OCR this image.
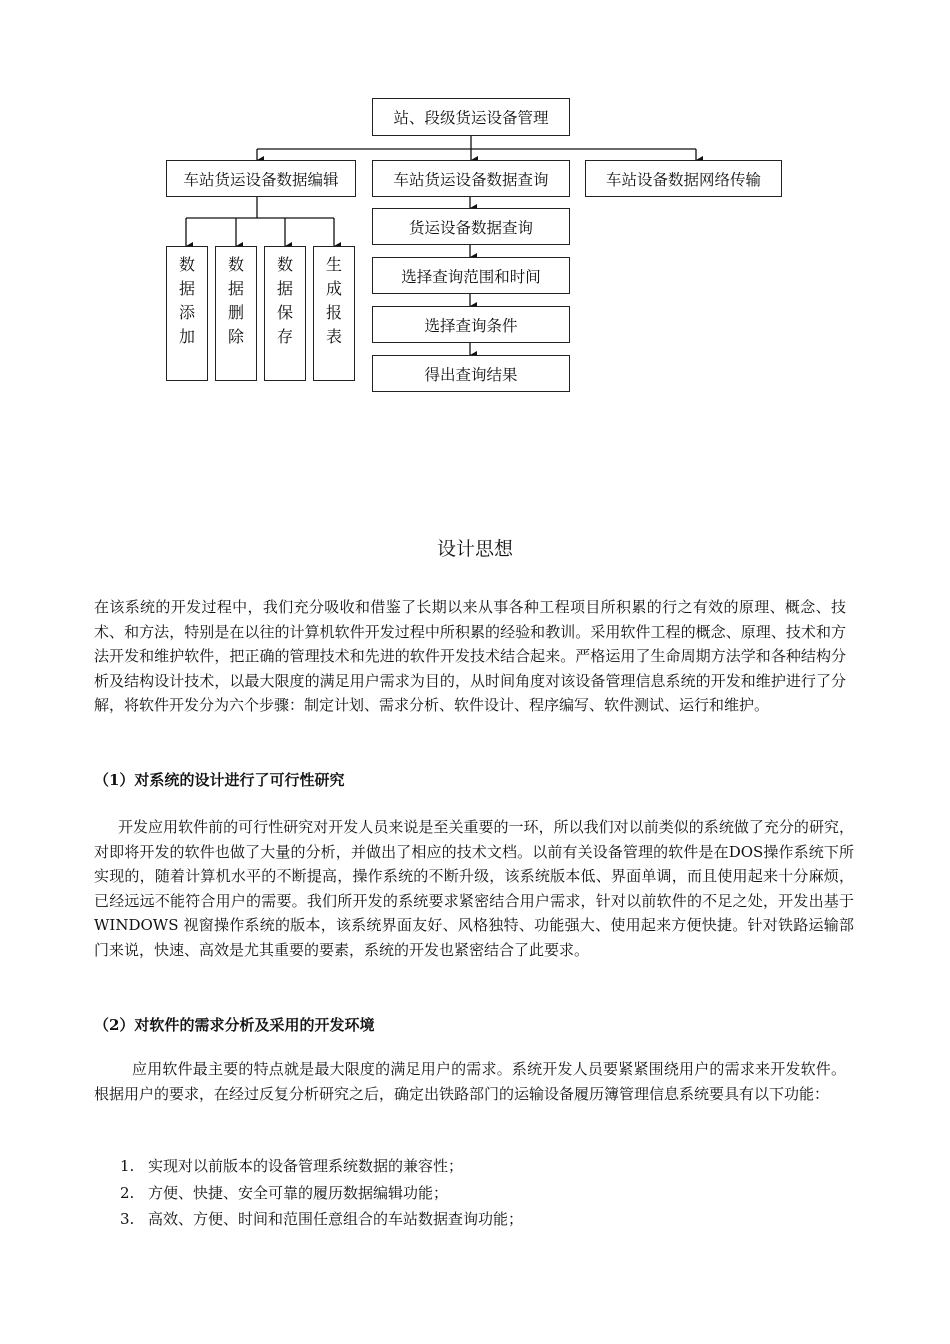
站、段级货运设备管理
车站货运设备数据编辑	车站货运设备数据查询	车站设备数据网络传输
数
据
添
加
数
据
删
除
数
据
保
存
生
成
报
表
货运设备数据查询
选择查询范围和时间
选择查询条件
得出查询结果
设计思想

在该系统的开发过程中，我们充分吸收和借鉴了长期以来从事各种工程项目所积累的行之有效的原理、概念、技术、和方法，特别是在以往的计算机软件开发过程中所积累的经验和教训。采用软件工程的概念、原理、技术和方法开发和维护软件，把正确的管理技术和先进的软件开发技术结合起来。严格运用了生命周期方法学和各种结构分析及结构设计技术，以最大限度的满足用户需求为目的，从时间角度对该设备管理信息系统的开发和维护进行了分解，将软件开发分为六个步骤：制定计划、需求分析、软件设计、程序编写、软件测试、运行和维护。

（1）对系统的设计进行了可行性研究

开发应用软件前的可行性研究对开发人员来说是至关重要的一环，所以我们对以前类似的系统做了充分的研究，对即将开发的软件也做了大量的分析，并做出了相应的技术文档。以前有关设备管理的软件是在DOS操作系统下所实现的，随着计算机水平的不断提高，操作系统的不断升级，该系统版本低、界面单调，而且使用起来十分麻烦，已经远远不能符合用户的需要。我们所开发的系统要求紧密结合用户需求，针对以前软件的不足之处，开发出基于WINDOWS 视窗操作系统的版本，该系统界面友好、风格独特、功能强大、使用起来方便快捷。针对铁路运输部门来说，快速、高效是尤其重要的要素，系统的开发也紧密结合了此要求。

（2）对软件的需求分析及采用的开发环境

应用软件最主要的特点就是最大限度的满足用户的需求。系统开发人员要紧紧围绕用户的需求来开发软件。根据用户的要求，在经过反复分析研究之后，确定出铁路部门的运输设备履历簿管理信息系统要具有以下功能：

1. 实现对以前版本的设备管理系统数据的兼容性；
2. 方便、快捷、安全可靠的履历数据编辑功能；
3. 高效、方便、时间和范围任意组合的车站数据查询功能；
